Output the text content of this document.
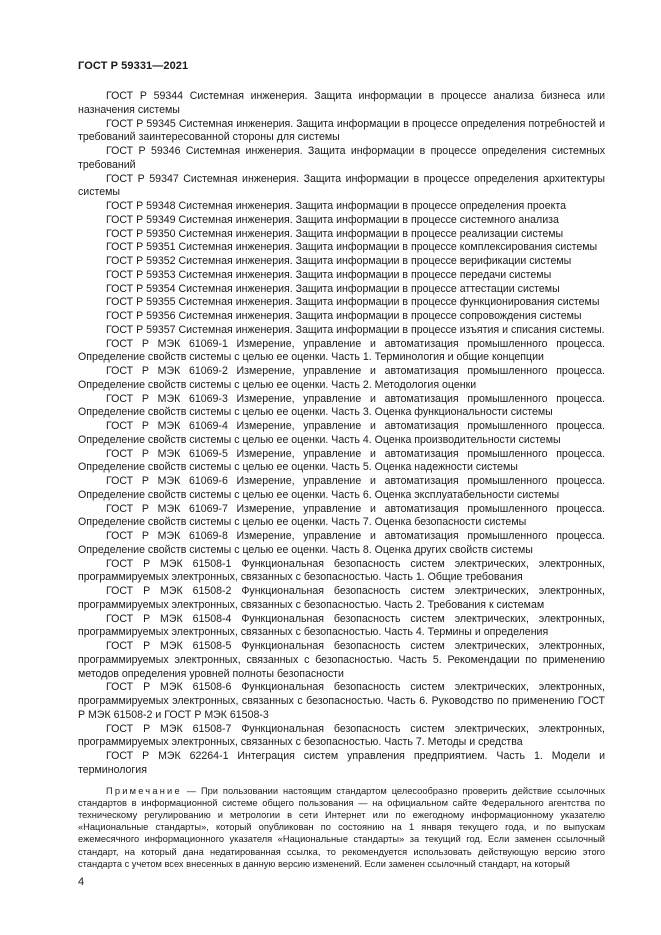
ГОСТ Р 59331—2021

ГОСТ Р 59344 Системная инженерия. Защита информации в процессе анализа бизнеса или назначения системы

ГОСТ Р 59345 Системная инженерия. Защита информации в процессе определения потребностей и требований заинтересованной стороны для системы

ГОСТ Р 59346 Системная инженерия. Защита информации в процессе определения системных требований

ГОСТ Р 59347 Системная инженерия. Защита информации в процессе определения архитектуры системы

ГОСТ Р 59348 Системная инженерия. Защита информации в процессе определения проекта

ГОСТ Р 59349 Системная инженерия. Защита информации в процессе системного анализа

ГОСТ Р 59350 Системная инженерия. Защита информации в процессе реализации системы

ГОСТ Р 59351 Системная инженерия. Защита информации в процессе комплексирования системы

ГОСТ Р 59352 Системная инженерия. Защита информации в процессе верификации системы

ГОСТ Р 59353 Системная инженерия. Защита информации в процессе передачи системы

ГОСТ Р 59354 Системная инженерия. Защита информации в процессе аттестации системы

ГОСТ Р 59355 Системная инженерия. Защита информации в процессе функционирования системы

ГОСТ Р 59356 Системная инженерия. Защита информации в процессе сопровождения системы

ГОСТ Р 59357 Системная инженерия. Защита информации в процессе изъятия и списания системы.

ГОСТ Р МЭК 61069-1 Измерение, управление и автоматизация промышленного процесса. Определение свойств системы с целью ее оценки. Часть 1. Терминология и общие концепции

ГОСТ Р МЭК 61069-2 Измерение, управление и автоматизация промышленного процесса. Определение свойств системы с целью ее оценки. Часть 2. Методология оценки

ГОСТ Р МЭК 61069-3 Измерение, управление и автоматизация промышленного процесса. Определение свойств системы с целью ее оценки. Часть 3. Оценка функциональности системы

ГОСТ Р МЭК 61069-4 Измерение, управление и автоматизация промышленного процесса. Определение свойств системы с целью ее оценки. Часть 4. Оценка производительности системы

ГОСТ Р МЭК 61069-5 Измерение, управление и автоматизация промышленного процесса. Определение свойств системы с целью ее оценки. Часть 5. Оценка надежности системы

ГОСТ Р МЭК 61069-6 Измерение, управление и автоматизация промышленного процесса. Определение свойств системы с целью ее оценки. Часть 6. Оценка эксплуатабельности системы

ГОСТ Р МЭК 61069-7 Измерение, управление и автоматизация промышленного процесса. Определение свойств системы с целью ее оценки. Часть 7. Оценка безопасности системы

ГОСТ Р МЭК 61069-8 Измерение, управление и автоматизация промышленного процесса. Определение свойств системы с целью ее оценки. Часть 8. Оценка других свойств системы

ГОСТ Р МЭК 61508-1 Функциональная безопасность систем электрических, электронных, программируемых электронных, связанных с безопасностью. Часть 1. Общие требования

ГОСТ Р МЭК 61508-2 Функциональная безопасность систем электрических, электронных, программируемых электронных, связанных с безопасностью. Часть 2. Требования к системам

ГОСТ Р МЭК 61508-4 Функциональная безопасность систем электрических, электронных, программируемых электронных, связанных с безопасностью. Часть 4. Термины и определения

ГОСТ Р МЭК 61508-5 Функциональная безопасность систем электрических, электронных, программируемых электронных, связанных с безопасностью. Часть 5. Рекомендации по применению методов определения уровней полноты безопасности

ГОСТ Р МЭК 61508-6 Функциональная безопасность систем электрических, электронных, программируемых электронных, связанных с безопасностью. Часть 6. Руководство по применению ГОСТ Р МЭК 61508-2 и ГОСТ Р МЭК 61508-3

ГОСТ Р МЭК 61508-7 Функциональная безопасность систем электрических, электронных, программируемых электронных, связанных с безопасностью. Часть 7. Методы и средства

ГОСТ Р МЭК 62264-1 Интеграция систем управления предприятием. Часть 1. Модели и терминология

Примечание — При пользовании настоящим стандартом целесообразно проверить действие ссылочных стандартов в информационной системе общего пользования — на официальном сайте Федерального агентства по техническому регулированию и метрологии в сети Интернет или по ежегодному информационному указателю «Национальные стандарты», который опубликован по состоянию на 1 января текущего года, и по выпускам ежемесячного информационного указателя «Национальные стандарты» за текущий год. Если заменен ссылочный стандарт, на который дана недатированная ссылка, то рекомендуется использовать действующую версию этого стандарта с учетом всех внесенных в данную версию изменений. Если заменен ссылочный стандарт, на который

4
